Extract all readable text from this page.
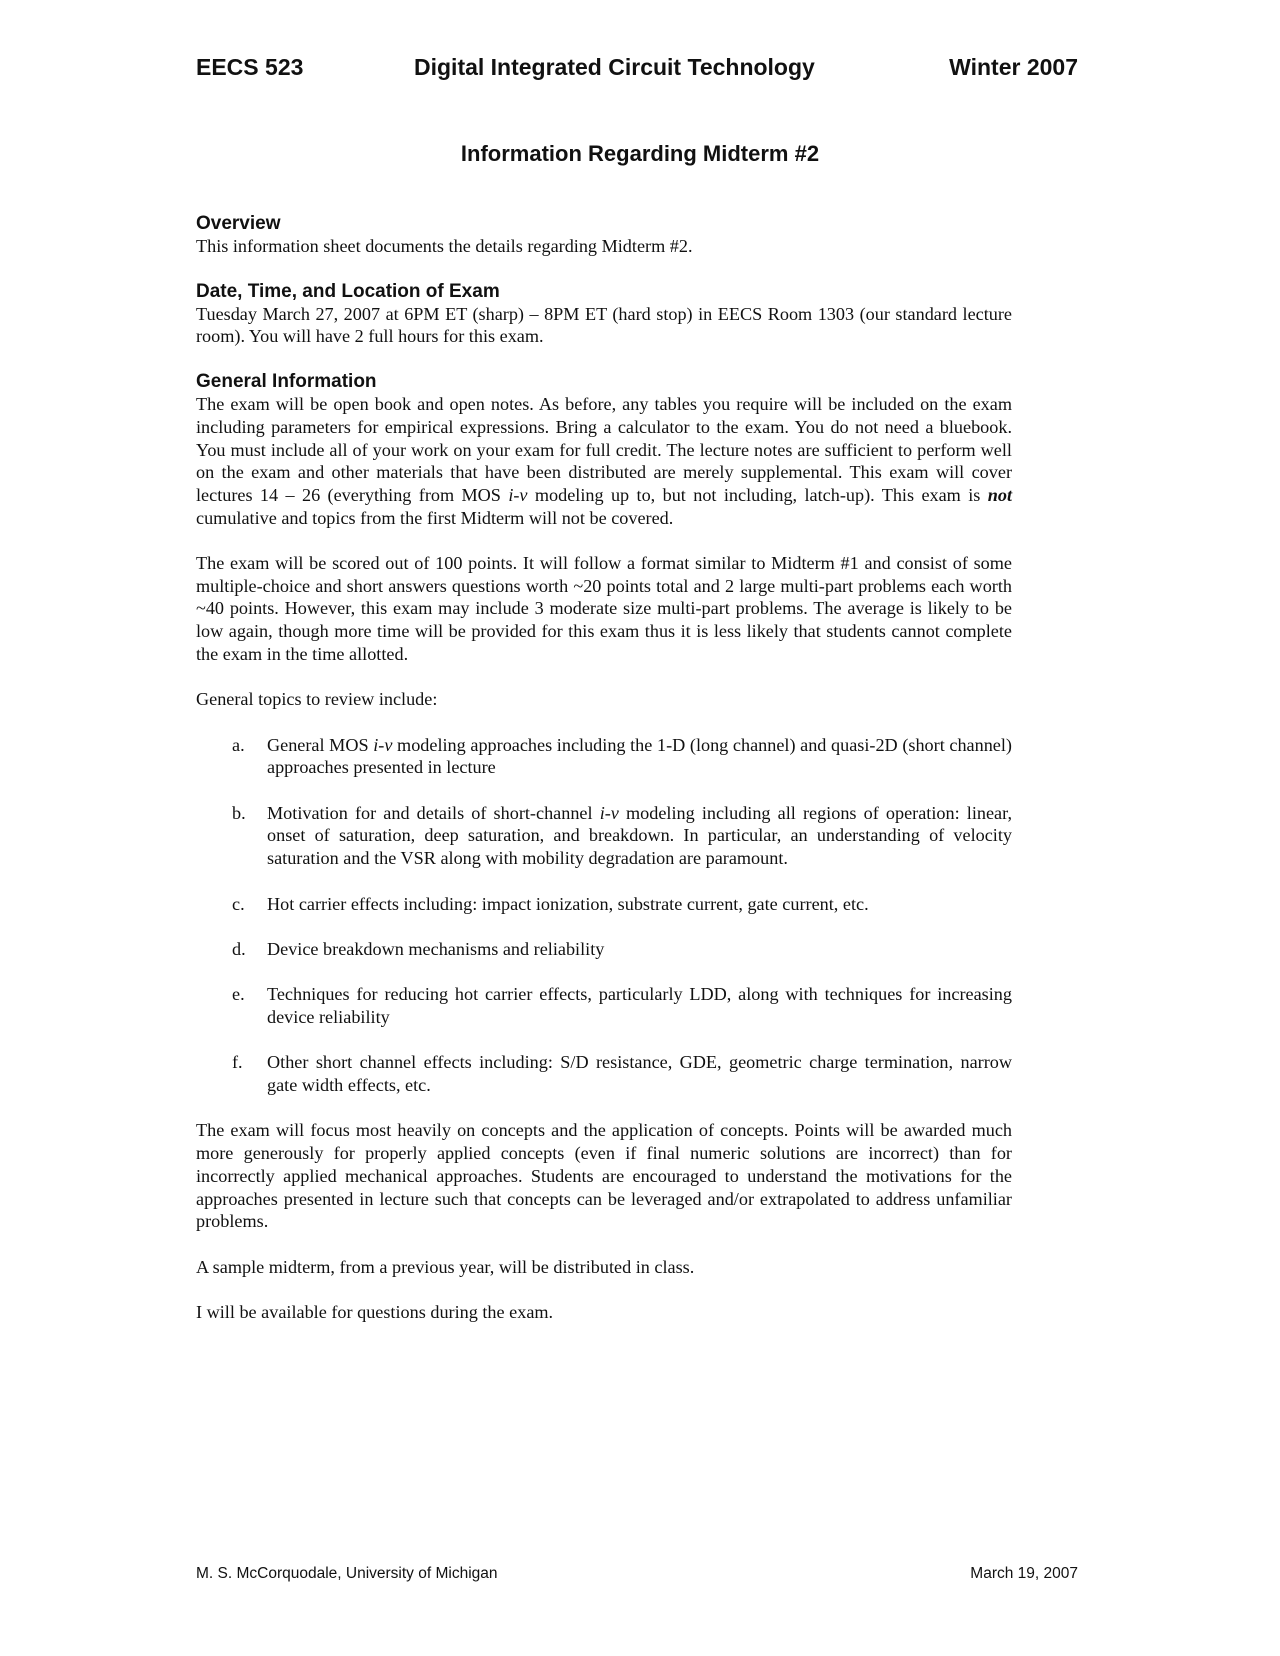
EECS 523	Digital Integrated Circuit Technology	Winter 2007
Information Regarding Midterm #2
Overview

This information sheet documents the details regarding Midterm #2.

Date, Time, and Location of Exam

Tuesday March 27, 2007 at 6PM ET (sharp) – 8PM ET (hard stop) in EECS Room 1303 (our standard lecture room). You will have 2 full hours for this exam.

General Information

The exam will be open book and open notes. As before, any tables you require will be included on the exam including parameters for empirical expressions. Bring a calculator to the exam. You do not need a bluebook. You must include all of your work on your exam for full credit. The lecture notes are sufficient to perform well on the exam and other materials that have been distributed are merely supplemental. This exam will cover lectures 14 – 26 (everything from MOS i-v modeling up to, but not including, latch-up). This exam is not cumulative and topics from the first Midterm will not be covered.

The exam will be scored out of 100 points. It will follow a format similar to Midterm #1 and consist of some multiple-choice and short answers questions worth ~20 points total and 2 large multi-part problems each worth ~40 points. However, this exam may include 3 moderate size multi-part problems. The average is likely to be low again, though more time will be provided for this exam thus it is less likely that students cannot complete the exam in the time allotted.

General topics to review include:

a. General MOS i-v modeling approaches including the 1-D (long channel) and quasi-2D (short channel) approaches presented in lecture
b. Motivation for and details of short-channel i-v modeling including all regions of operation: linear, onset of saturation, deep saturation, and breakdown. In particular, an understanding of velocity saturation and the VSR along with mobility degradation are paramount.
c. Hot carrier effects including: impact ionization, substrate current, gate current, etc.
d. Device breakdown mechanisms and reliability
e. Techniques for reducing hot carrier effects, particularly LDD, along with techniques for increasing device reliability
f. Other short channel effects including: S/D resistance, GDE, geometric charge termination, narrow gate width effects, etc.

The exam will focus most heavily on concepts and the application of concepts. Points will be awarded much more generously for properly applied concepts (even if final numeric solutions are incorrect) than for incorrectly applied mechanical approaches. Students are encouraged to understand the motivations for the approaches presented in lecture such that concepts can be leveraged and/or extrapolated to address unfamiliar problems.

A sample midterm, from a previous year, will be distributed in class.

I will be available for questions during the exam.

M. S. McCorquodale, University of Michigan	March 19, 2007
